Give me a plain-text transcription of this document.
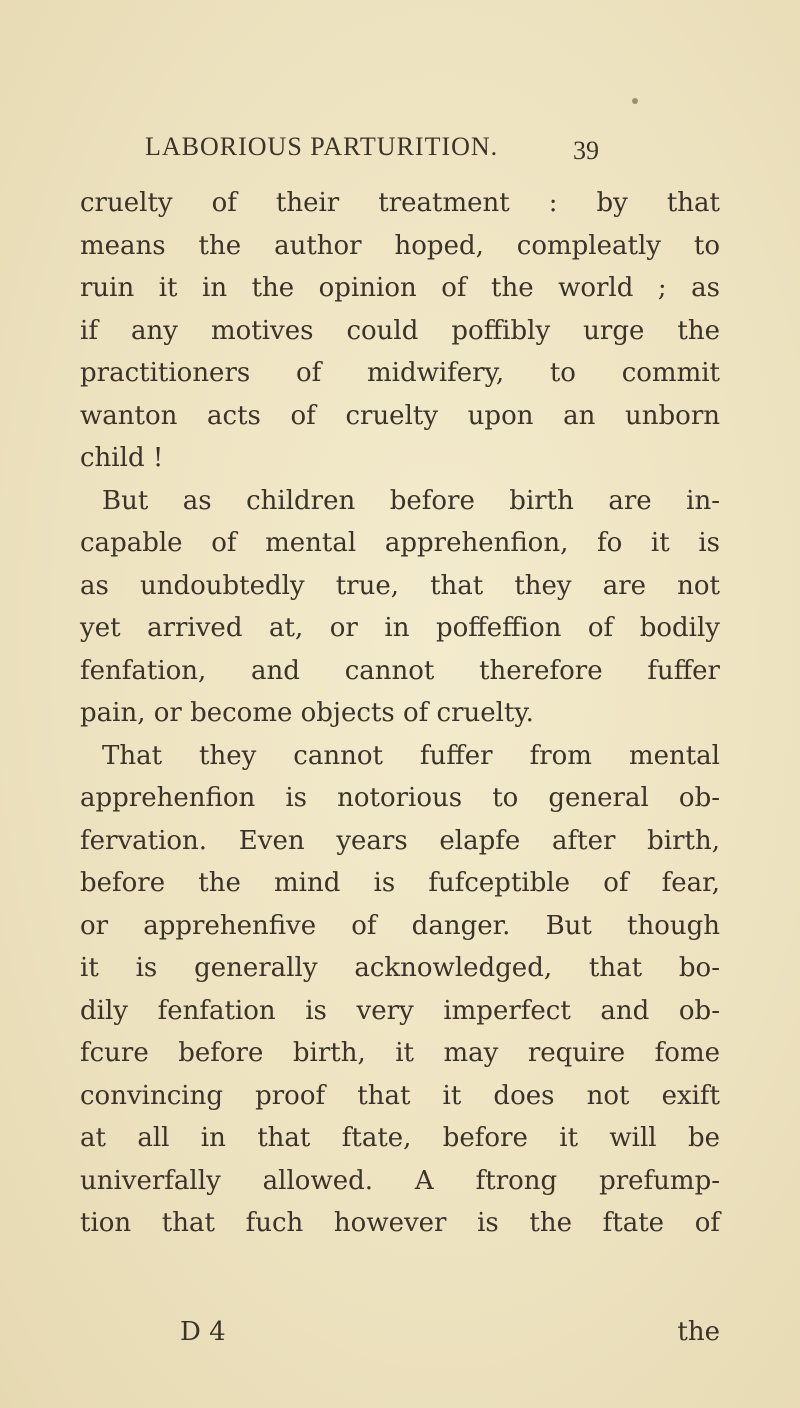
LABORIOUS PARTURITION.	39
cruelty of their treatment : by that
means the author hoped, compleatly to
ruin it in the opinion of the world ; as
if any motives could poffibly urge the
practitioners of midwifery, to commit
wanton acts of cruelty upon an unborn
child !
But as children before birth are in-
capable of mental apprehenfion, fo it is
as undoubtedly true, that they are not
yet arrived at, or in poffeffion of bodily
fenfation, and cannot therefore fuffer
pain, or become objects of cruelty.
That they cannot fuffer from mental
apprehenfion is notorious to general ob-
fervation. Even years elapfe after birth,
before the mind is fufceptible of fear,
or apprehenfive of danger. But though
it is generally acknowledged, that bo-
dily fenfation is very imperfect and ob-
fcure before birth, it may require fome
convincing proof that it does not exift
at all in that ftate, before it will be
univerfally allowed. A ftrong prefump-
tion that fuch however is the ftate of
D 4	the
